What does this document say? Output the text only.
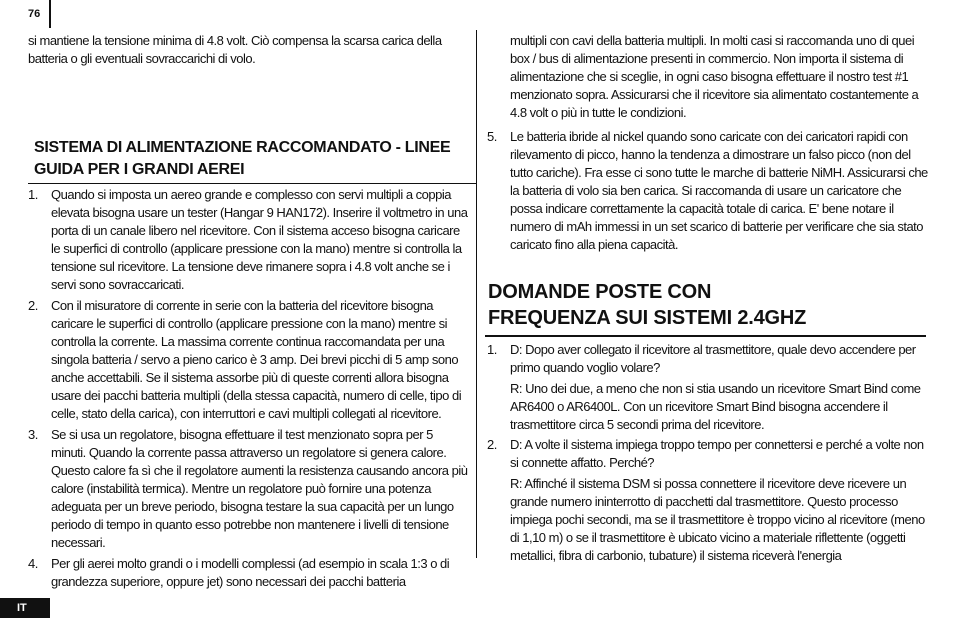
76
IT

si mantiene la tensione minima di 4.8 volt. Ciò compensa la scarsa carica della batteria o gli eventuali sovraccarichi di volo.

SISTEMA DI ALIMENTAZIONE RACCOMANDATO - LINEE GUIDA PER I GRANDI AEREI
1.	Quando si imposta un aereo grande e complesso con servi multipli a coppia elevata bisogna usare un tester (Hangar 9 HAN172). Inserire il voltmetro in una porta di un canale libero nel ricevitore. Con il sistema acceso bisogna caricare le superfici di controllo (applicare pressione con la mano) mentre si controlla la tensione sul ricevitore. La tensione deve rimanere sopra i 4.8 volt anche se i servi sono sovraccaricati.
2.	Con il misuratore di corrente in serie con la batteria del ricevitore bisogna caricare le superfici di controllo (applicare pressione con la mano) mentre si controlla la corrente. La massima corrente continua raccomandata per una singola batteria / servo a pieno carico è 3 amp. Dei brevi picchi di 5 amp sono anche accettabili. Se il sistema assorbe più di queste correnti allora bisogna usare dei pacchi batteria multipli (della stessa capacità, numero di celle, tipo di celle, stato della carica), con interruttori e cavi multipli collegati al ricevitore.
3.	Se si usa un regolatore, bisogna effettuare il test menzionato sopra per 5 minuti. Quando la corrente passa attraverso un regolatore si genera calore. Questo calore fa sì che il regolatore aumenti la resistenza causando ancora più calore (instabilità termica). Mentre un regolatore può fornire una potenza adeguata per un breve periodo, bisogna testare la sua capacità per un lungo periodo di tempo in quanto esso potrebbe non mantenere i livelli di tensione necessari.
4.	Per gli aerei molto grandi o i modelli complessi (ad esempio in scala 1:3 o di grandezza superiore, oppure jet) sono necessari dei pacchi batteria

multipli con cavi della batteria multipli. In molti casi si raccomanda uno di quei box / bus di alimentazione presenti in commercio. Non importa il sistema di alimentazione che si sceglie, in ogni caso bisogna effettuare il nostro test #1 menzionato sopra. Assicurarsi che il ricevitore sia alimentato costantemente a 4.8 volt o più in tutte le condizioni.

5.	Le batteria ibride al nickel quando sono caricate con dei caricatori rapidi con rilevamento di picco, hanno la tendenza a dimostrare un falso picco (non del tutto cariche). Fra esse ci sono tutte le marche di batterie NiMH. Assicurarsi che la batteria di volo sia ben carica. Si raccomanda di usare un caricatore che possa indicare correttamente la capacità totale di carica. E' bene notare il numero di mAh immessi in un set scarico di batterie per verificare che sia stato caricato fino alla piena capacità.
DOMANDE POSTE CON
FREQUENZA SUI SISTEMI 2.4GHZ
1.	D: Dopo aver collegato il ricevitore al trasmettitore, quale devo accendere per primo quando voglio volare?

R: Uno dei due, a meno che non si stia usando un ricevitore Smart Bind come AR6400 o AR6400L. Con un ricevitore Smart Bind bisogna accendere il trasmettitore circa 5 secondi prima del ricevitore.

2.	D: A volte il sistema impiega troppo tempo per connettersi e perché a volte non si connette affatto. Perché?

R: Affinché il sistema DSM si possa connettere il ricevitore deve ricevere un grande numero ininterrotto di pacchetti dal trasmettitore. Questo processo impiega pochi secondi, ma se il trasmettitore è troppo vicino al ricevitore (meno di 1,10 m) o se il trasmettitore è ubicato vicino a materiale riflettente (oggetti metallici, fibra di carbonio, tubature) il sistema riceverà l'energia
